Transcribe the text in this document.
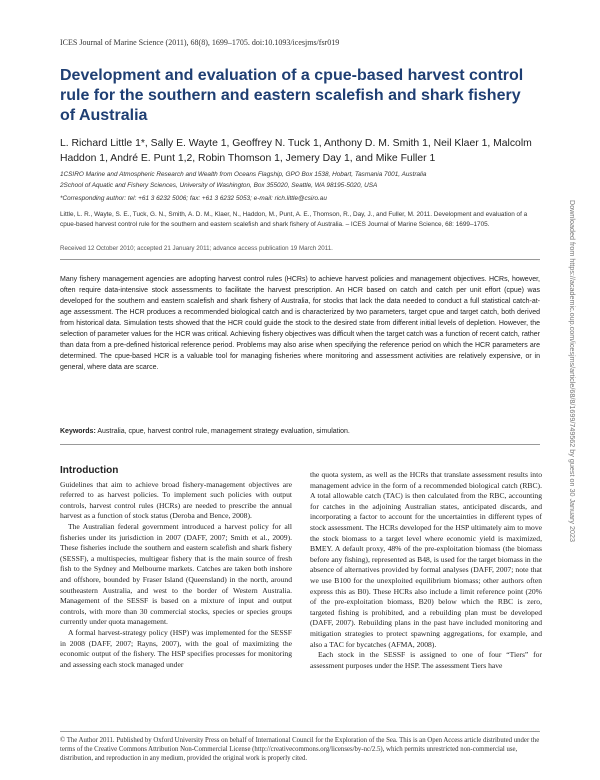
ICES Journal of Marine Science (2011), 68(8), 1699–1705. doi:10.1093/icesjms/fsr019
Development and evaluation of a cpue-based harvest control rule for the southern and eastern scalefish and shark fishery of Australia
L. Richard Little 1*, Sally E. Wayte 1, Geoffrey N. Tuck 1, Anthony D. M. Smith 1, Neil Klaer 1, Malcolm Haddon 1, André E. Punt 1,2, Robin Thomson 1, Jemery Day 1, and Mike Fuller 1
1CSIRO Marine and Atmospheric Research and Wealth from Oceans Flagship, GPO Box 1538, Hobart, Tasmania 7001, Australia
2School of Aquatic and Fishery Sciences, University of Washington, Box 355020, Seattle, WA 98195-5020, USA
*Corresponding author: tel: +61 3 6232 5006; fax: +61 3 6232 5053; e-mail: rich.little@csiro.au
Little, L. R., Wayte, S. E., Tuck, G. N., Smith, A. D. M., Klaer, N., Haddon, M., Punt, A. E., Thomson, R., Day, J., and Fuller, M. 2011. Development and evaluation of a cpue-based harvest control rule for the southern and eastern scalefish and shark fishery of Australia. – ICES Journal of Marine Science, 68: 1699–1705.
Received 12 October 2010; accepted 21 January 2011; advance access publication 19 March 2011.

Many fishery management agencies are adopting harvest control rules (HCRs) to achieve harvest policies and management objectives. HCRs, however, often require data-intensive stock assessments to facilitate the harvest prescription. An HCR based on catch and catch per unit effort (cpue) was developed for the southern and eastern scalefish and shark fishery of Australia, for stocks that lack the data needed to conduct a full statistical catch-at-age assessment. The HCR produces a recommended biological catch and is characterized by two parameters, target cpue and target catch, both derived from historical data. Simulation tests showed that the HCR could guide the stock to the desired state from different initial levels of depletion. However, the selection of parameter values for the HCR was critical. Achieving fishery objectives was difficult when the target catch was a function of recent catch, rather than data from a pre-defined historical reference period. Problems may also arise when specifying the reference period on which the HCR parameters are determined. The cpue-based HCR is a valuable tool for managing fisheries where monitoring and assessment activities are relatively expensive, or in general, where data are scarce.

Keywords: Australia, cpue, harvest control rule, management strategy evaluation, simulation.
Introduction

Guidelines that aim to achieve broad fishery-management objectives are referred to as harvest policies. To implement such policies with output controls, harvest control rules (HCRs) are needed to prescribe the annual harvest as a function of stock status (Deroba and Bence, 2008).

The Australian federal government introduced a harvest policy for all fisheries under its jurisdiction in 2007 (DAFF, 2007; Smith et al., 2009). These fisheries include the southern and eastern scalefish and shark fishery (SESSF), a multispecies, multigear fishery that is the main source of fresh fish to the Sydney and Melbourne markets. Catches are taken both inshore and offshore, bounded by Fraser Island (Queensland) in the north, around southeastern Australia, and west to the border of Western Australia. Management of the SESSF is based on a mixture of input and output controls, with more than 30 commercial stocks, species or species groups currently under quota management.

A formal harvest-strategy policy (HSP) was implemented for the SESSF in 2008 (DAFF, 2007; Rayns, 2007), with the goal of maximizing the economic output of the fishery. The HSP specifies processes for monitoring and assessing each stock managed under

the quota system, as well as the HCRs that translate assessment results into management advice in the form of a recommended biological catch (RBC). A total allowable catch (TAC) is then calculated from the RBC, accounting for catches in the adjoining Australian states, anticipated discards, and incorporating a factor to account for the uncertainties in different types of stock assessment. The HCRs developed for the HSP ultimately aim to move the stock biomass to a target level where economic yield is maximized, BMEY. A default proxy, 48% of the pre-exploitation biomass (the biomass before any fishing), represented as B48, is used for the target biomass in the absence of alternatives provided by formal analyses (DAFF, 2007; note that we use B100 for the unexploited equilibrium biomass; other authors often express this as B0). These HCRs also include a limit reference point (20% of the pre-exploitation biomass, B20) below which the RBC is zero, targeted fishing is prohibited, and a rebuilding plan must be developed (DAFF, 2007). Rebuilding plans in the past have included monitoring and mitigation strategies to protect spawning aggregations, for example, and also a TAC for bycatches (AFMA, 2008).

Each stock in the SESSF is assigned to one of four “Tiers” for assessment purposes under the HSP. The assessment Tiers have

© The Author 2011. Published by Oxford University Press on behalf of International Council for the Exploration of the Sea. This is an Open Access article distributed under the terms of the Creative Commons Attribution Non-Commercial License (http://creativecommons.org/licenses/by-nc/2.5), which permits unrestricted non-commercial use, distribution, and reproduction in any medium, provided the original work is properly cited.
Downloaded from https://academic.oup.com/icesjms/article/68/8/1699/749562 by guest on 30 January 2023
